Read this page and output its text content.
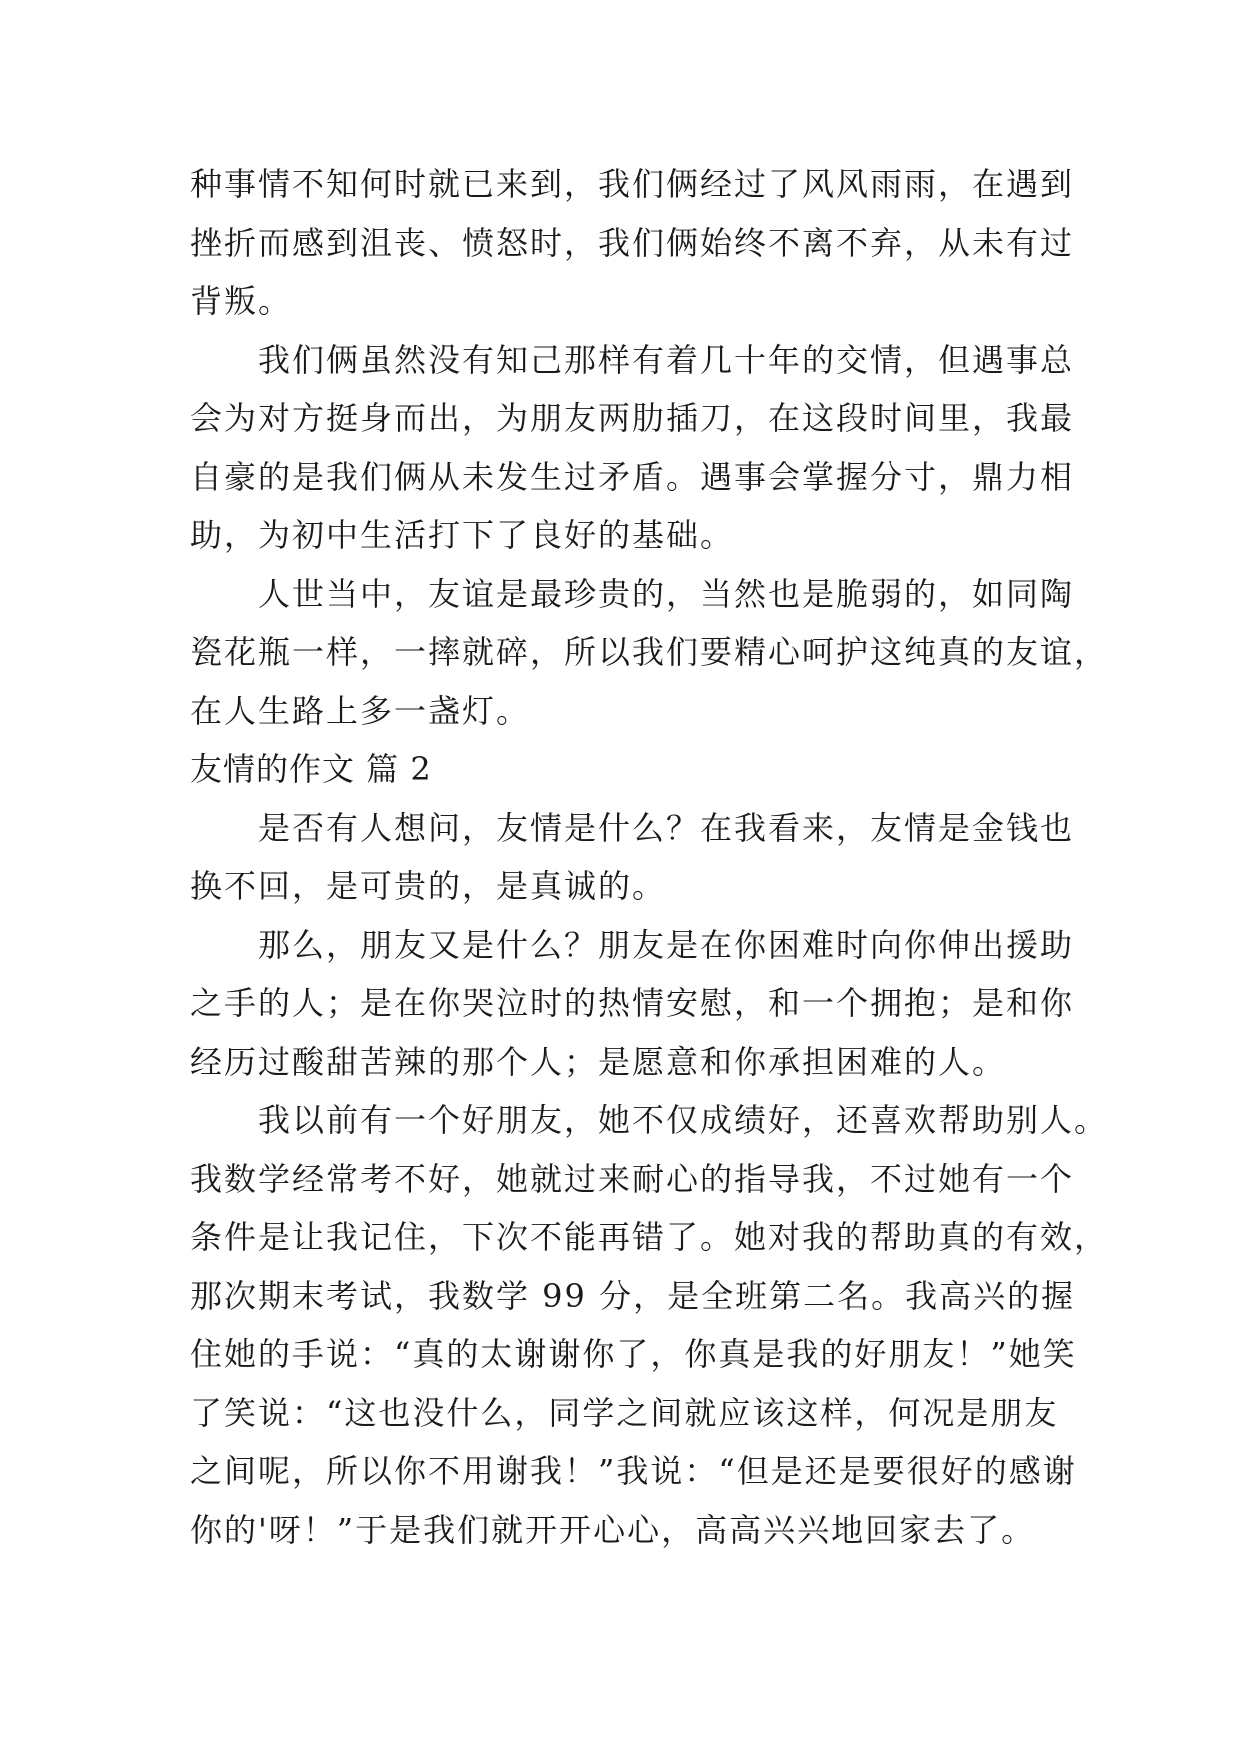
种事情不知何时就已来到，我们俩经过了风风雨雨，在遇到
挫折而感到沮丧、愤怒时，我们俩始终不离不弃，从未有过
背叛。
我们俩虽然没有知己那样有着几十年的交情，但遇事总
会为对方挺身而出，为朋友两肋插刀，在这段时间里，我最
自豪的是我们俩从未发生过矛盾。遇事会掌握分寸，鼎力相
助，为初中生活打下了良好的基础。
人世当中，友谊是最珍贵的，当然也是脆弱的，如同陶
瓷花瓶一样，一摔就碎，所以我们要精心呵护这纯真的友谊，
在人生路上多一盏灯。
友情的作文 篇 2
是否有人想问，友情是什么？在我看来，友情是金钱也
换不回，是可贵的，是真诚的。
那么，朋友又是什么？朋友是在你困难时向你伸出援助
之手的人；是在你哭泣时的热情安慰，和一个拥抱；是和你
经历过酸甜苦辣的那个人；是愿意和你承担困难的人。
我以前有一个好朋友，她不仅成绩好，还喜欢帮助别人。
我数学经常考不好，她就过来耐心的指导我，不过她有一个
条件是让我记住，下次不能再错了。她对我的帮助真的有效，
那次期末考试，我数学 99 分，是全班第二名。我高兴的握
住她的手说：“真的太谢谢你了，你真是我的好朋友！”她笑
了笑说：“这也没什么，同学之间就应该这样，何况是朋友
之间呢，所以你不用谢我！”我说：“但是还是要很好的感谢
你的'呀！”于是我们就开开心心，高高兴兴地回家去了。
